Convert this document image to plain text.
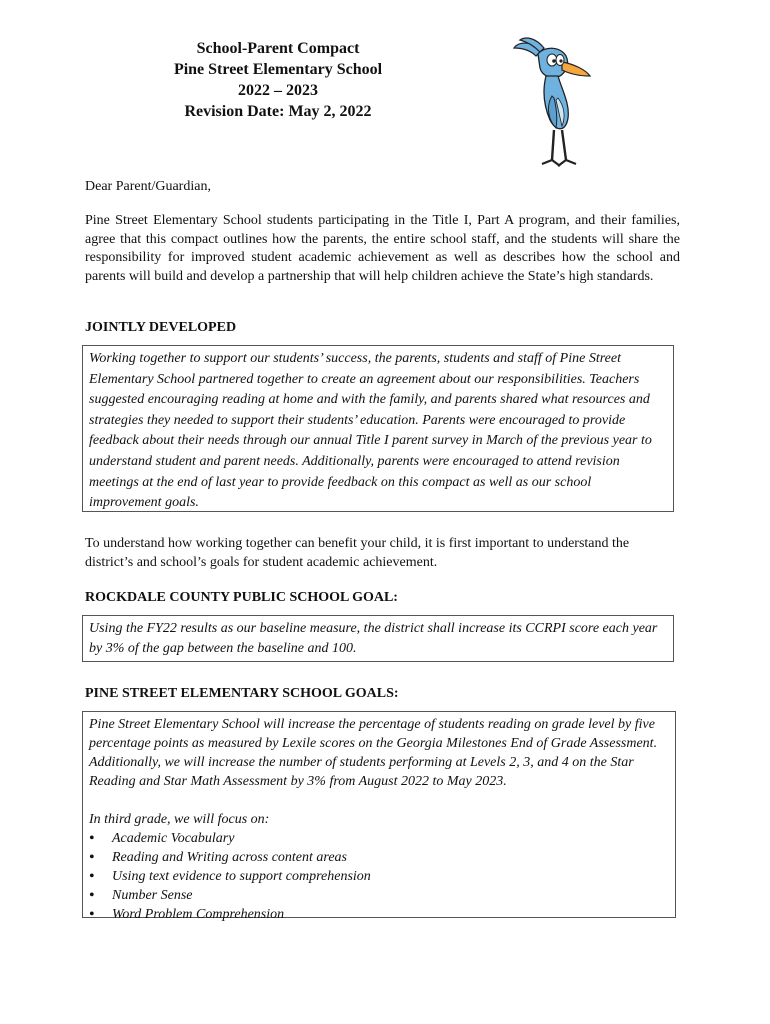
School-Parent Compact
Pine Street Elementary School
2022 – 2023
Revision Date: May 2, 2022
Dear Parent/Guardian,
Pine Street Elementary School students participating in the Title I, Part A program, and their families, agree that this compact outlines how the parents, the entire school staff, and the students will share the responsibility for improved student academic achievement as well as describes how the school and parents will build and develop a partnership that will help children achieve the State’s high standards.
JOINTLY DEVELOPED
Working together to support our students’ success, the parents, students and staff of Pine Street Elementary School partnered together to create an agreement about our responsibilities. Teachers suggested encouraging reading at home and with the family, and parents shared what resources and strategies they needed to support their students’ education. Parents were encouraged to provide feedback about their needs through our annual Title I parent survey in March of the previous year to understand student and parent needs. Additionally, parents were encouraged to attend revision meetings at the end of last year to provide feedback on this compact as well as our school improvement goals.
To understand how working together can benefit your child, it is first important to understand the district’s and school’s goals for student academic achievement.
ROCKDALE COUNTY PUBLIC SCHOOL GOAL:
Using the FY22 results as our baseline measure, the district shall increase its CCRPI score each year by 3% of the gap between the baseline and 100.
PINE STREET ELEMENTARY SCHOOL GOALS:

Pine Street Elementary School will increase the percentage of students reading on grade level by five percentage points as measured by Lexile scores on the Georgia Milestones End of Grade Assessment. Additionally, we will increase the number of students performing at Levels 2, 3, and 4 on the Star Reading and Star Math Assessment by 3% from August 2022 to May 2023.

In third grade, we will focus on:

• Academic Vocabulary
• Reading and Writing across content areas
• Using text evidence to support comprehension
• Number Sense
• Word Problem Comprehension
